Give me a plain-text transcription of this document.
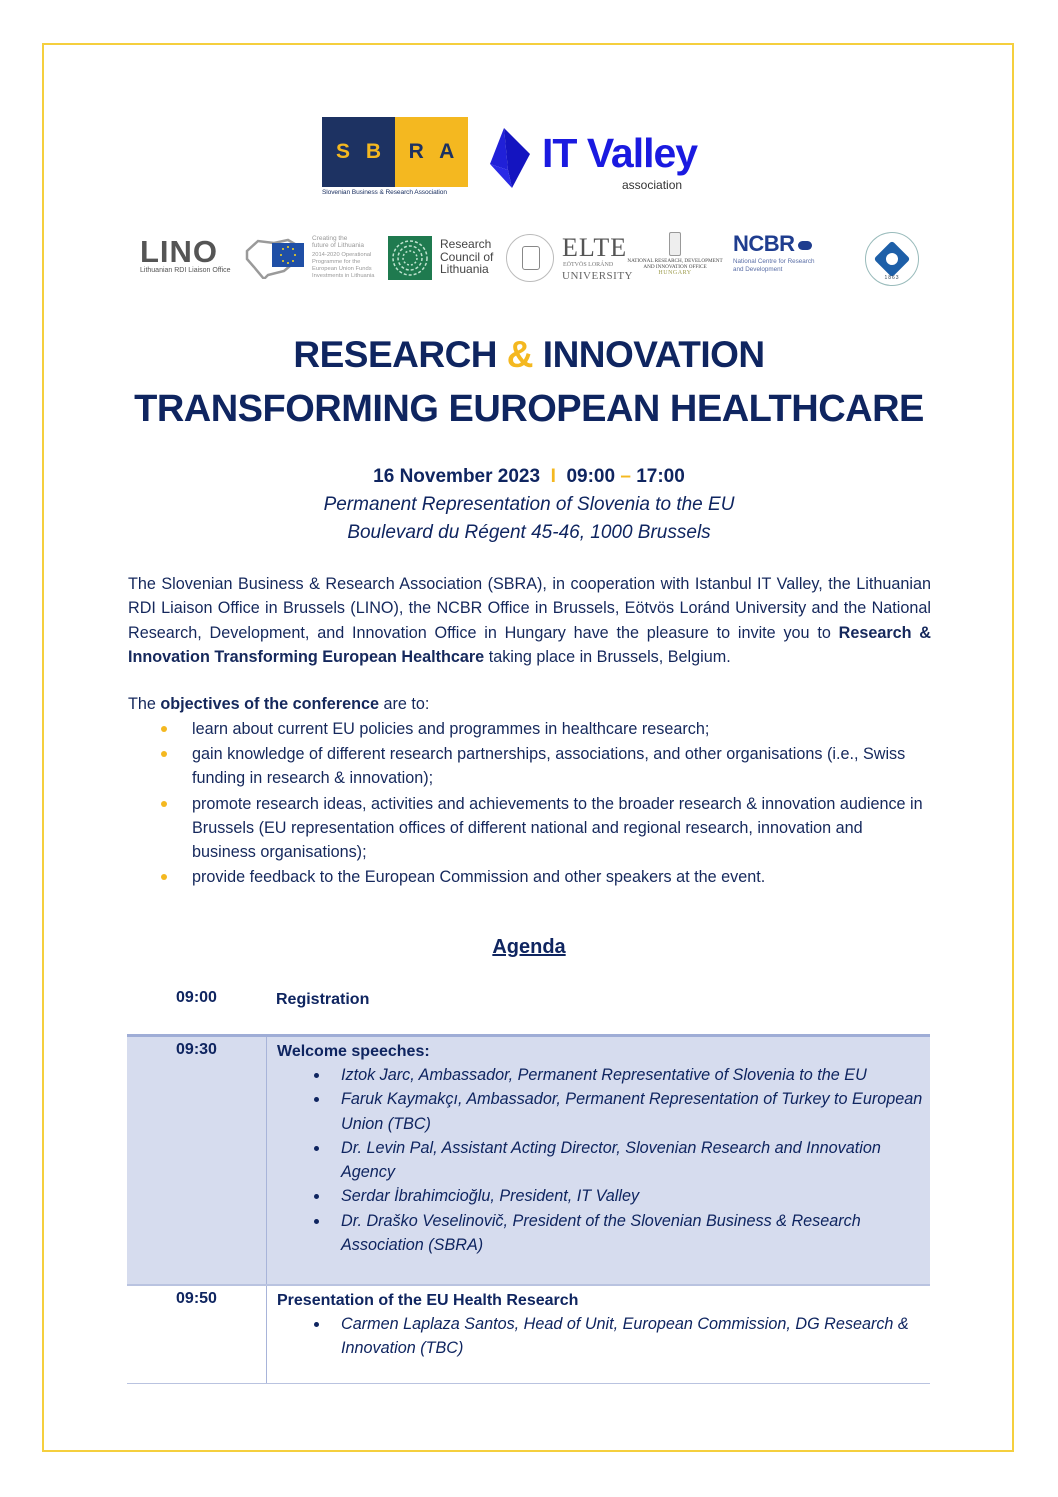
S B R A
Slovenian Business & Research Association
IT Valley
association
LINO
Lithuanian RDI Liaison Office
Creating the
future of Lithuania
2014-2020 Operational
Programme for the
European Union Funds
Investments in Lithuania
Research
Council of
Lithuania
ELTE
EÖTVÖS LORÁND
UNIVERSITY
NATIONAL RESEARCH, DEVELOPMENT
AND INNOVATION OFFICE
HUNGARY
NCBR
National Centre for Research
and Development
1863
RESEARCH & INNOVATION
TRANSFORMING EUROPEAN HEALTHCARE
16 November 2023 I 09:00 – 17:00
Permanent Representation of Slovenia to the EU
Boulevard du Régent 45-46, 1000 Brussels
The Slovenian Business & Research Association (SBRA), in cooperation with Istanbul IT Valley, the Lithuanian RDI Liaison Office in Brussels (LINO), the NCBR Office in Brussels, Eötvös Loránd University and the National Research, Development, and Innovation Office in Hungary have the pleasure to invite you to Research & Innovation Transforming European Healthcare taking place in Brussels, Belgium.
The objectives of the conference are to:
learn about current EU policies and programmes in healthcare research;
gain knowledge of different research partnerships, associations, and other organisations (i.e., Swiss funding in research & innovation);
promote research ideas, activities and achievements to the broader research & innovation audience in Brussels (EU representation offices of different national and regional research, innovation and business organisations);
provide feedback to the European Commission and other speakers at the event.
Agenda
09:00	Registration
09:30	Welcome speeches:
Iztok Jarc, Ambassador, Permanent Representative of Slovenia to the EU
Faruk Kaymakçı, Ambassador, Permanent Representation of Turkey to European Union (TBC)
Dr. Levin Pal, Assistant Acting Director, Slovenian Research and Innovation Agency
Serdar İbrahimcioğlu, President, IT Valley
Dr. Draško Veselinovič, President of the Slovenian Business & Research Association (SBRA)
09:50	Presentation of the EU Health Research
Carmen Laplaza Santos, Head of Unit, European Commission, DG Research & Innovation (TBC)
